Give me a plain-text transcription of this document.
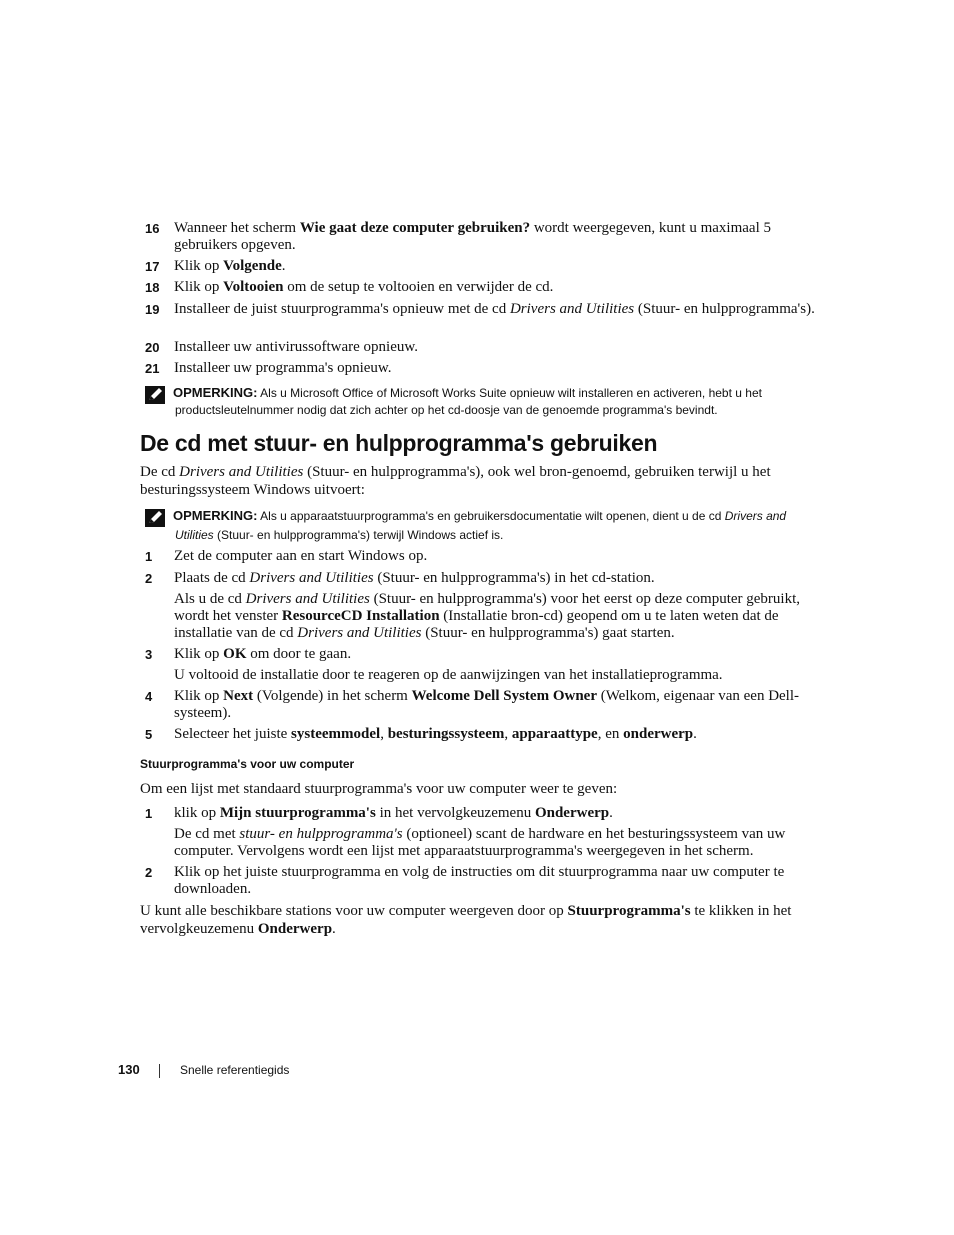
16 Wanneer het scherm Wie gaat deze computer gebruiken? wordt weergegeven, kunt u maximaal 5 gebruikers opgeven.
17 Klik op Volgende.
18 Klik op Voltooien om de setup te voltooien en verwijder de cd.
19 Installeer de juist stuurprogramma's opnieuw met de cd Drivers and Utilities (Stuur- en hulpprogramma's).
20 Installeer uw antivirussoftware opnieuw.
21 Installeer uw programma's opnieuw.
OPMERKING: Als u Microsoft Office of Microsoft Works Suite opnieuw wilt installeren en activeren, hebt u het
productsleutelnummer nodig dat zich achter op het cd-doosje van de genoemde programma's bevindt.
De cd met stuur- en hulpprogramma's gebruiken
De cd Drivers and Utilities (Stuur- en hulpprogramma's), ook wel bron-genoemd, gebruiken terwijl u het besturingssysteem Windows uitvoert:
OPMERKING: Als u apparaatstuurprogramma's en gebruikersdocumentatie wilt openen, dient u de cd Drivers and
Utilities (Stuur- en hulpprogramma's) terwijl Windows actief is.
1 Zet de computer aan en start Windows op.
2 Plaats de cd Drivers and Utilities (Stuur- en hulpprogramma's) in het cd-station.
Als u de cd Drivers and Utilities (Stuur- en hulpprogramma's) voor het eerst op deze computer gebruikt, wordt het venster ResourceCD Installation (Installatie bron-cd) geopend om u te laten weten dat de installatie van de cd Drivers and Utilities (Stuur- en hulpprogramma's) gaat starten.
3 Klik op OK om door te gaan.
U voltooid de installatie door te reageren op de aanwijzingen van het installatieprogramma.
4 Klik op Next (Volgende) in het scherm Welcome Dell System Owner (Welkom, eigenaar van een Dell-systeem).
5 Selecteer het juiste systeemmodel, besturingssysteem, apparaattype, en onderwerp.
Stuurprogramma's voor uw computer
Om een lijst met standaard stuurprogramma's voor uw computer weer te geven:
1 klik op Mijn stuurprogramma's in het vervolgkeuzemenu Onderwerp.
De cd met stuur- en hulpprogramma's (optioneel) scant de hardware en het besturingssysteem van uw computer. Vervolgens wordt een lijst met apparaatstuurprogramma's weergegeven in het scherm.
2 Klik op het juiste stuurprogramma en volg de instructies om dit stuurprogramma naar uw computer te downloaden.
U kunt alle beschikbare stations voor uw computer weergeven door op Stuurprogramma's te klikken in het vervolgkeuzemenu Onderwerp.
130	Snelle referentiegids
